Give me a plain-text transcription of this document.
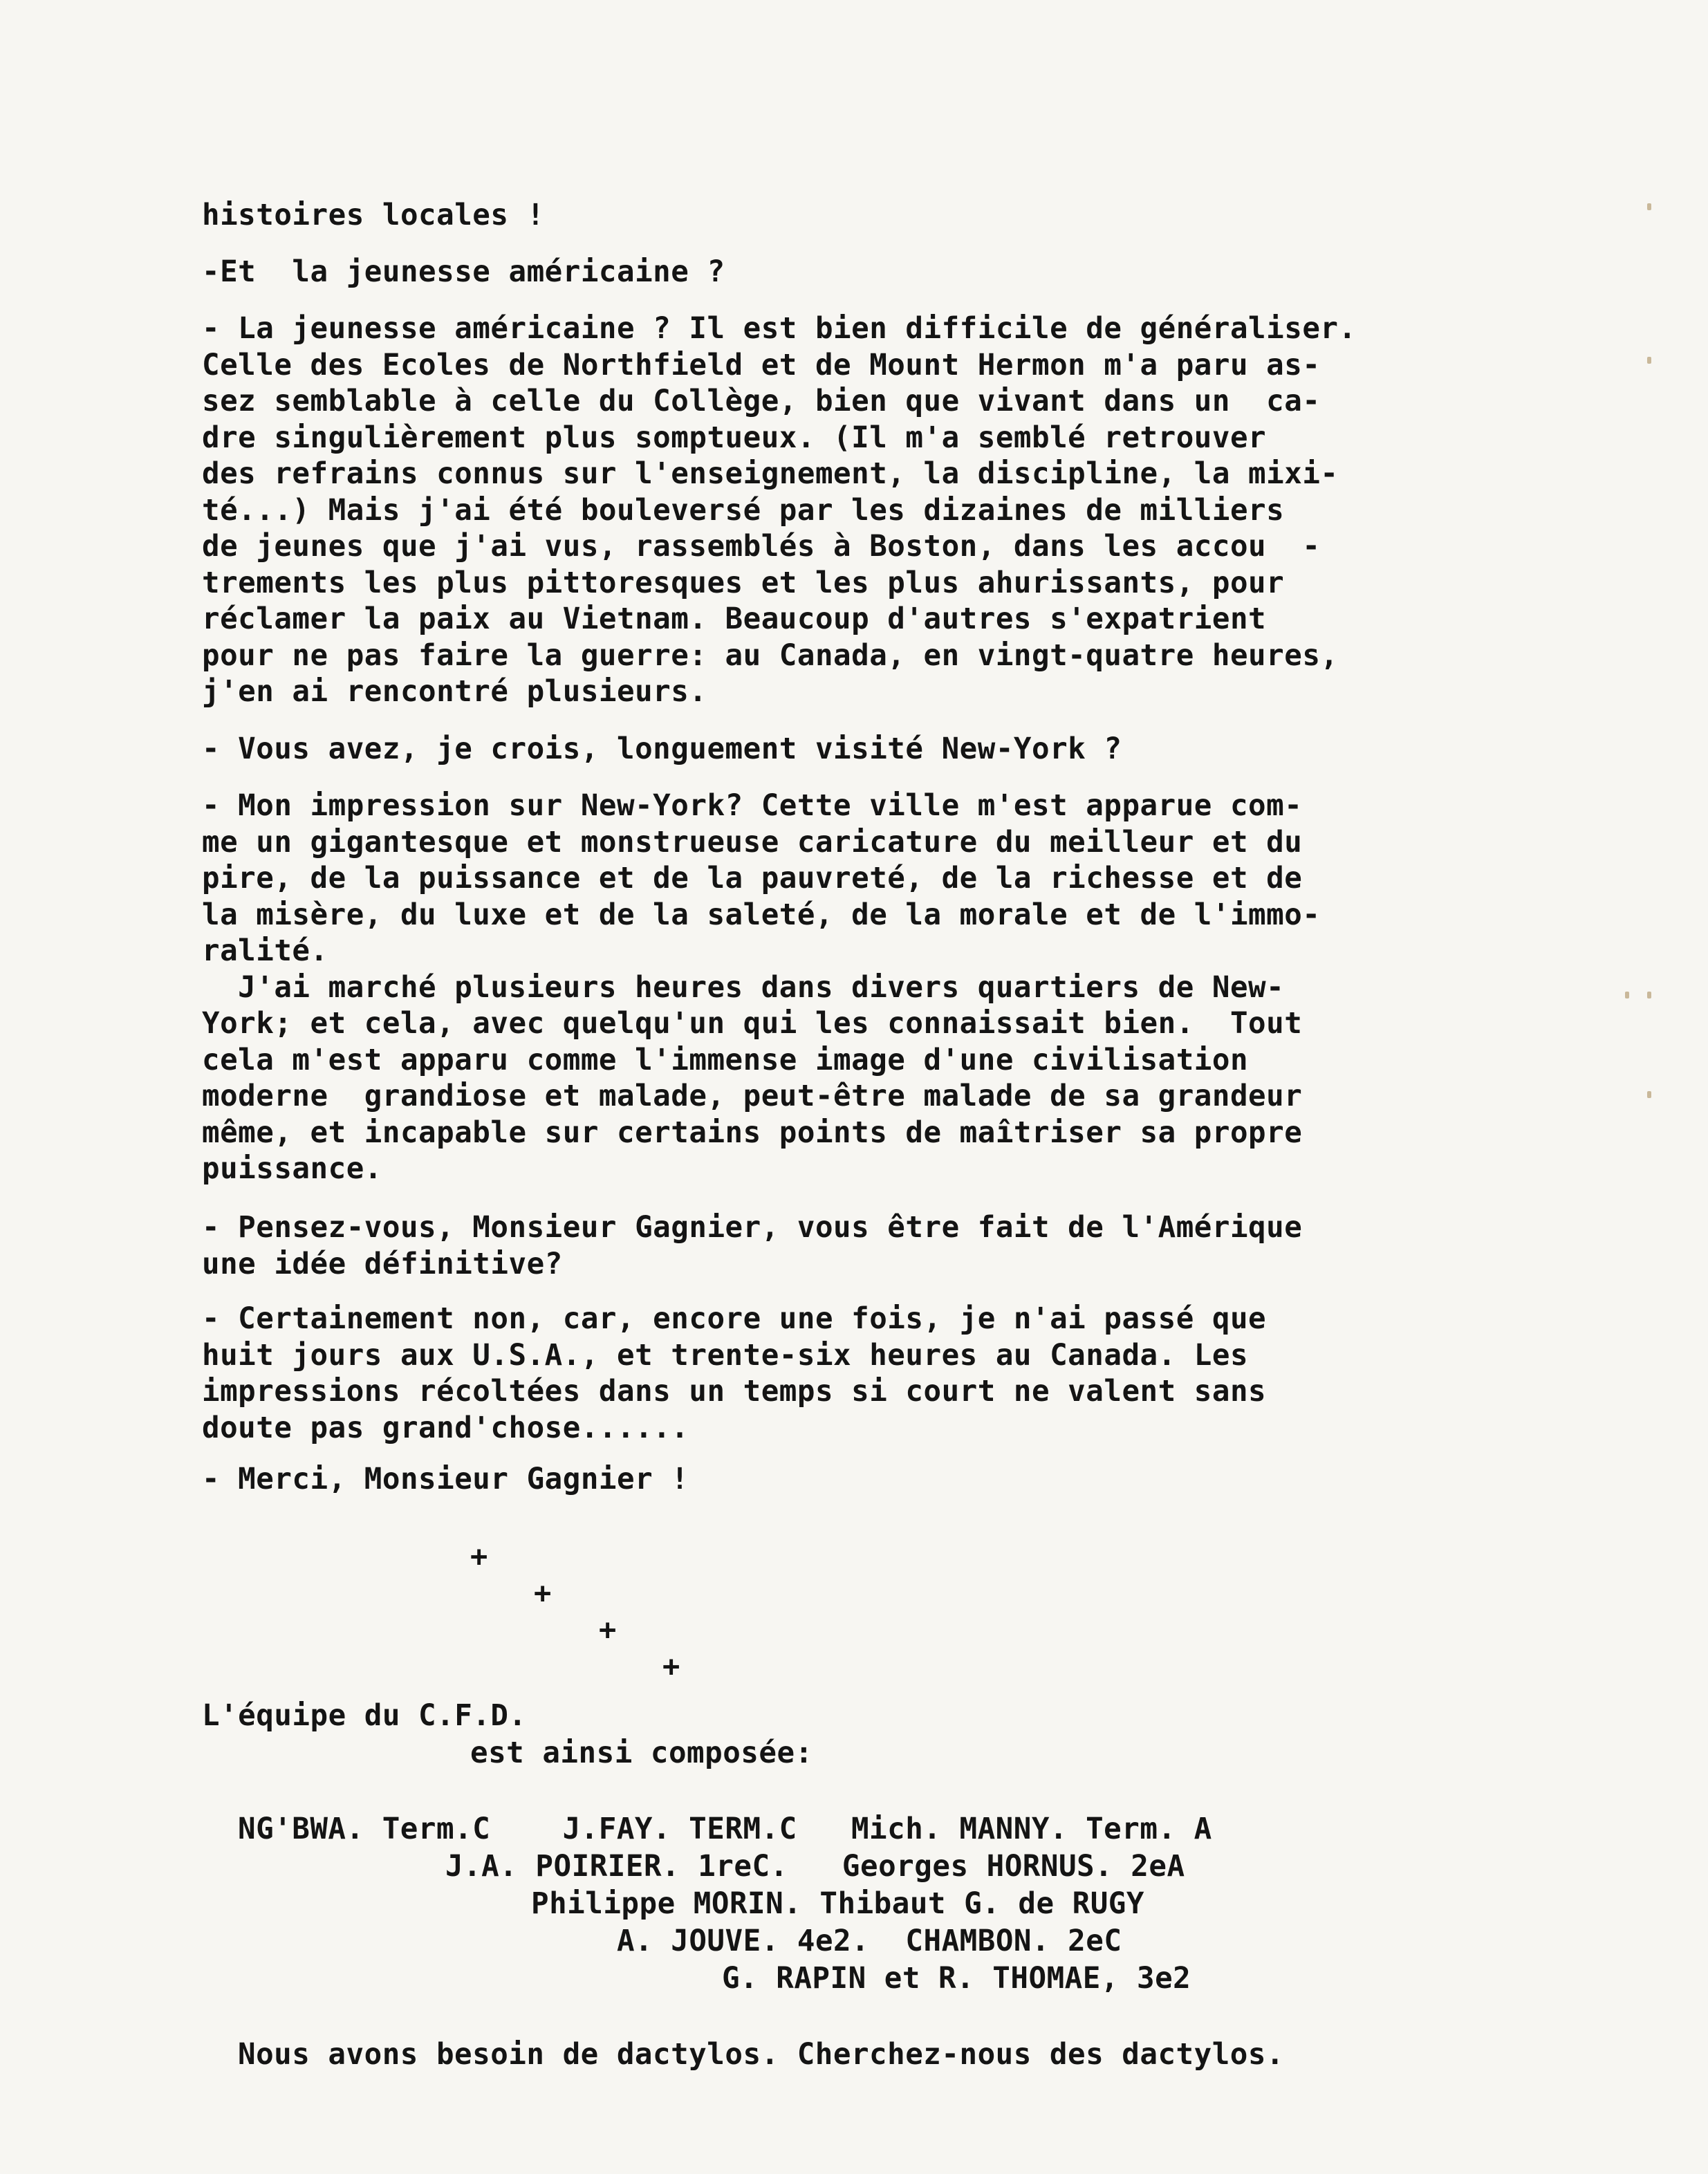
histoires locales !
-Et  la jeunesse américaine ?
- La jeunesse américaine ? Il est bien difficile de généraliser.
Celle des Ecoles de Northfield et de Mount Hermon m'a paru as-
sez semblable à celle du Collège, bien que vivant dans un  ca-
dre singulièrement plus somptueux. (Il m'a semblé retrouver
des refrains connus sur l'enseignement, la discipline, la mixi-
té...) Mais j'ai été bouleversé par les dizaines de milliers
de jeunes que j'ai vus, rassemblés à Boston, dans les accou  -
trements les plus pittoresques et les plus ahurissants, pour
réclamer la paix au Vietnam. Beaucoup d'autres s'expatrient
pour ne pas faire la guerre: au Canada, en vingt-quatre heures,
j'en ai rencontré plusieurs.
- Vous avez, je crois, longuement visité New-York ?
- Mon impression sur New-York? Cette ville m'est apparue com-
me un gigantesque et monstrueuse caricature du meilleur et du
pire, de la puissance et de la pauvreté, de la richesse et de
la misère, du luxe et de la saleté, de la morale et de l'immo-
ralité.
J'ai marché plusieurs heures dans divers quartiers de New-
York; et cela, avec quelqu'un qui les connaissait bien.  Tout
cela m'est apparu comme l'immense image d'une civilisation
moderne  grandiose et malade, peut-être malade de sa grandeur
même, et incapable sur certains points de maîtriser sa propre
puissance.
- Pensez-vous, Monsieur Gagnier, vous être fait de l'Amérique
une idée définitive?
- Certainement non, car, encore une fois, je n'ai passé que
huit jours aux U.S.A., et trente-six heures au Canada. Les
impressions récoltées dans un temps si court ne valent sans
doute pas grand'chose......
- Merci, Monsieur Gagnier !
L'équipe du C.F.D.
+
+
+
+
est ainsi composée:
NG'BWA. Term.C    J.FAY. TERM.C   Mich. MANNY. Term. A
J.A. POIRIER. 1reC.   Georges HORNUS. 2eA
Philippe MORIN. Thibaut G. de RUGY
A. JOUVE. 4e2.  CHAMBON. 2eC
G. RAPIN et R. THOMAE, 3e2
Nous avons besoin de dactylos. Cherchez-nous des dactylos.
